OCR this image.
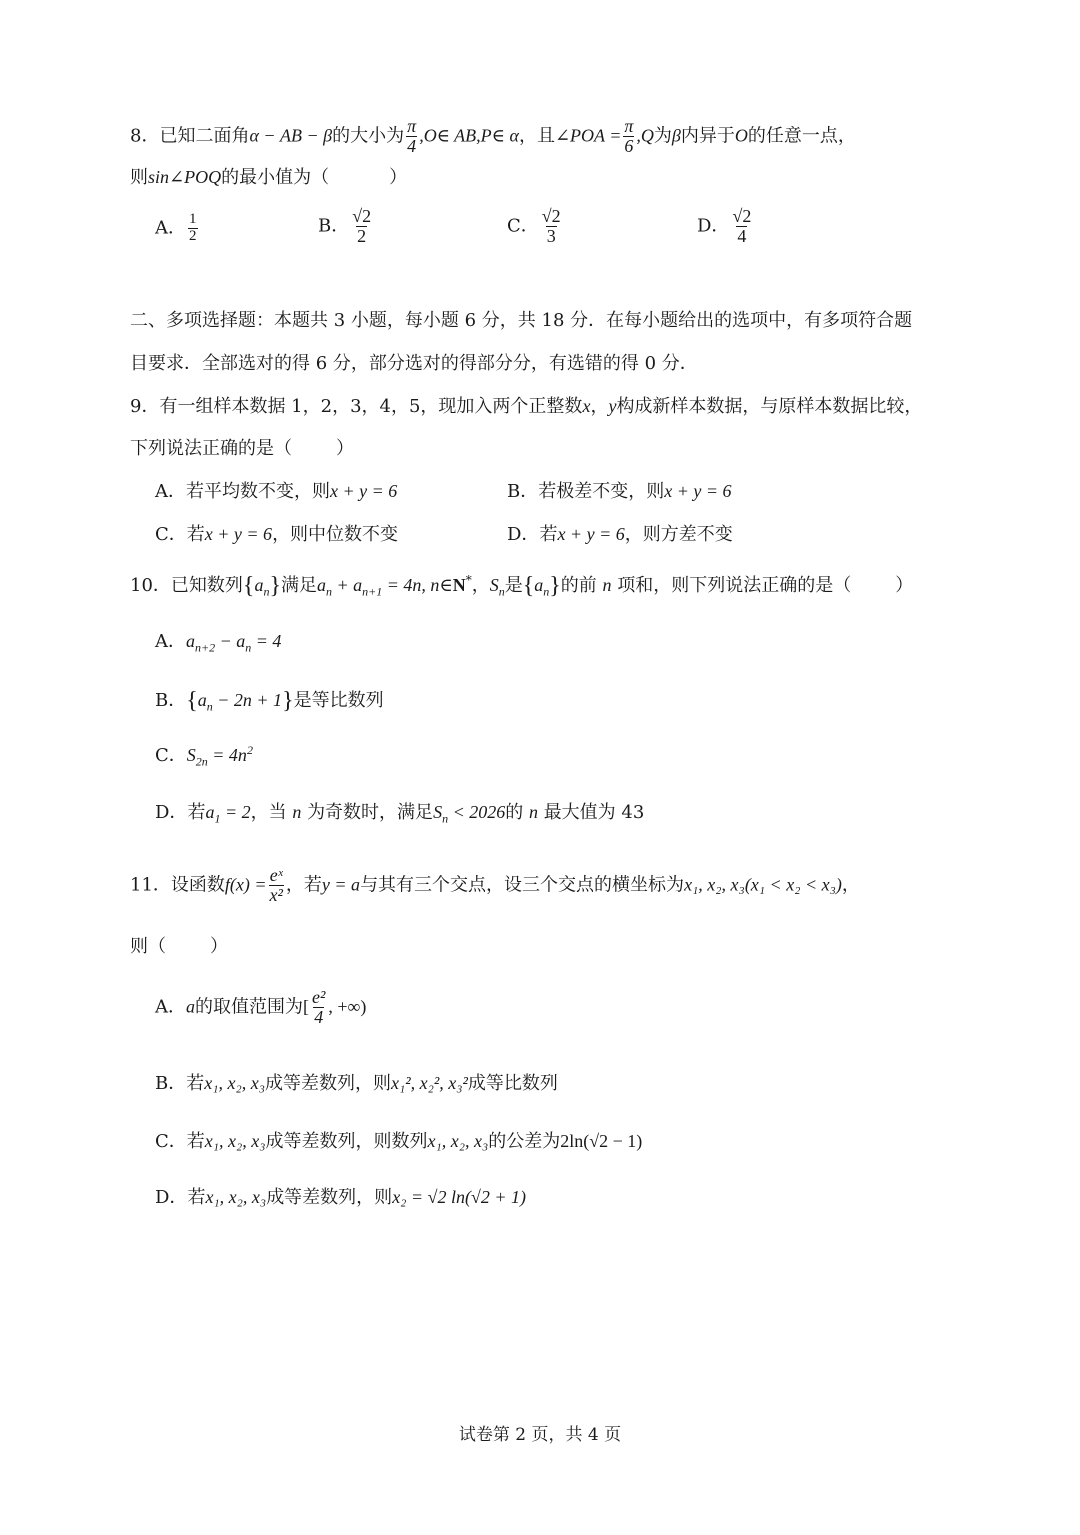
8．已知二面角α − AB − β的大小为 $\frac{\pi}{4}$ ,O∈ AB,P∈ α，且∠POA = $\frac{\pi}{6} ,Q$为β内异于O的任意一点，
则sin∠POQ的最小值为（	）
A． $\frac{1}{2}$	B． $\frac{√2}{2}$	C． $\frac{√2}{3}$	D． $\frac{√2}{4}$
二、多项选择题：本题共 3 小题，每小题 6 分，共 18 分．在每小题给出的选项中，有多项符合题
目要求．全部选对的得 6 分，部分选对的得部分分，有选错的得 0 分．
9．有一组样本数据 1，2，3，4，5，现加入两个正整数x，y构成新样本数据，与原样本数据比较，
下列说法正确的是（ ）
A．若平均数不变，则x + y = 6	B．若极差不变，则x + y = 6
C．若x + y = 6，则中位数不变	D．若x + y = 6，则方差不变
10．已知数列$\{a_n\}$满足$a_n + a_{n+1} = 4n$, n∈N*，$S_n$是$\{a_n\}$的前 n 项和，则下列说法正确的是（ ）
A．$a_{n+2} - a_n = 4$
B．$\{a_n - 2n + 1\}$是等比数列
C．$S_{2n} = 4n^2$
D．若$a_1 = 2$，当 n 为奇数时，满足$S_n < 2026$的 n 最大值为 43
11．设函数$f(x) = \frac{\text{eˣ}}{\text{x²}}$ ，若y = a与其有三个交点，设三个交点的横坐标为x₁, x₂, x₃(x₁ < x₂ < x₃)，
则（ ）
A．a的取值范围为[ $\frac{\text{e²}}{4}$ , +∞)
B．若x₁, x₂, x₃成等差数列，则x₁², x₂², x₃²成等比数列
C．若x₁, x₂, x₃成等差数列，则数列x₁, x₂, x₃的公差为2ln(√2 − 1)
D．若x₁, x₂, x₃成等差数列，则x₂ = √2 ln(√2 + 1)
试卷第 2 页，共 4 页
